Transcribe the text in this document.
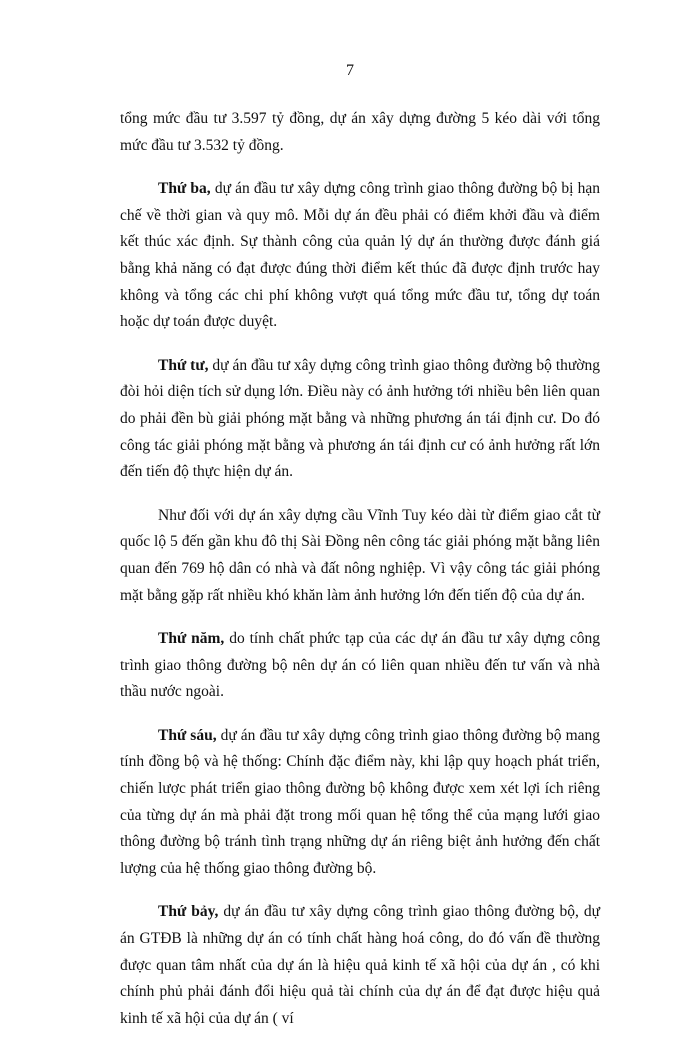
7

tổng mức đầu tư 3.597 tỷ đồng, dự án xây dựng đường 5 kéo dài với tổng mức đầu tư 3.532 tỷ đồng.

Thứ ba, dự án đầu tư xây dựng công trình giao thông đường bộ bị hạn chế về thời gian và quy mô. Mỗi dự án đều phải có điểm khởi đầu và điểm kết thúc xác định. Sự thành công của quản lý dự án thường được đánh giá bằng khả năng có đạt được đúng thời điểm kết thúc đã được định trước hay không và tổng các chi phí không vượt quá tổng mức đầu tư, tổng dự toán hoặc dự toán được duyệt.

Thứ tư, dự án đầu tư xây dựng công trình giao thông đường bộ thường đòi hỏi diện tích sử dụng lớn. Điều này có ảnh hưởng tới nhiều bên liên quan do phải đền bù giải phóng mặt bằng và những phương án tái định cư. Do đó công tác giải phóng mặt bằng và phương án tái định cư có ảnh hưởng rất lớn đến tiến độ thực hiện dự án.

Như đối với dự án xây dựng cầu Vĩnh Tuy kéo dài từ điểm giao cắt từ quốc lộ 5 đến gần khu đô thị Sài Đồng nên công tác giải phóng mặt bằng liên quan đến 769 hộ dân có nhà và đất nông nghiệp. Vì vậy công tác giải phóng mặt bằng gặp rất nhiều khó khăn làm ảnh hưởng lớn đến tiến độ của dự án.

Thứ năm, do tính chất phức tạp của các dự án đầu tư xây dựng công trình giao thông đường bộ nên dự án có liên quan nhiều đến tư vấn và nhà thầu nước ngoài.

Thứ sáu, dự án đầu tư xây dựng công trình giao thông đường bộ mang tính đồng bộ và hệ thống: Chính đặc điểm này, khi lập quy hoạch phát triển, chiến lược phát triển giao thông đường bộ không được xem xét lợi ích riêng của từng dự án mà phải đặt trong mối quan hệ tổng thể của mạng lưới giao thông đường bộ tránh tình trạng những dự án riêng biệt ảnh hưởng đến chất lượng của hệ thống giao thông đường bộ.

Thứ bảy, dự án đầu tư xây dựng công trình giao thông đường bộ, dự án GTĐB là những dự án có tính chất hàng hoá công, do đó vấn đề thường được quan tâm nhất của dự án là hiệu quả kinh tế xã hội của dự án , có khi chính phủ phải đánh đổi hiệu quả tài chính của dự án để đạt được hiệu quả kinh tế xã hội của dự án ( ví
